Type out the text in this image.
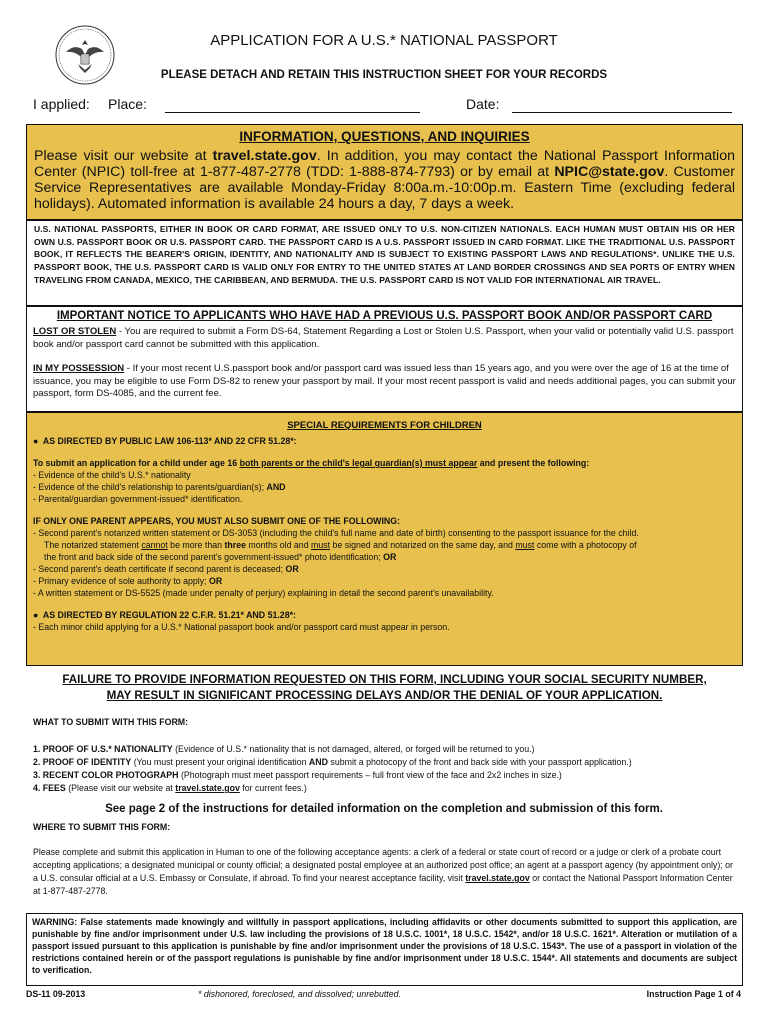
APPLICATION FOR A U.S.* NATIONAL PASSPORT
PLEASE DETACH AND RETAIN THIS INSTRUCTION SHEET FOR YOUR RECORDS
I applied: Place:	Date:
INFORMATION, QUESTIONS, AND INQUIRIES

Please visit our website at travel.state.gov. In addition, you may contact the National Passport Information Center (NPIC) toll-free at 1-877-487-2778 (TDD: 1-888-874-7793) or by email at NPIC@state.gov. Customer Service Representatives are available Monday-Friday 8:00a.m.-10:00p.m. Eastern Time (excluding federal holidays). Automated information is available 24 hours a day, 7 days a week.

U.S. NATIONAL PASSPORTS, EITHER IN BOOK OR CARD FORMAT, ARE ISSUED ONLY TO U.S. NON-CITIZEN NATIONALS. EACH HUMAN MUST OBTAIN HIS OR HER OWN U.S. PASSPORT BOOK OR U.S. PASSPORT CARD. THE PASSPORT CARD IS A U.S. PASSPORT ISSUED IN CARD FORMAT. LIKE THE TRADITIONAL U.S. PASSPORT BOOK, IT REFLECTS THE BEARER'S ORIGIN, IDENTITY, AND NATIONALITY AND IS SUBJECT TO EXISTING PASSPORT LAWS AND REGULATIONS*. UNLIKE THE U.S. PASSPORT BOOK, THE U.S. PASSPORT CARD IS VALID ONLY FOR ENTRY TO THE UNITED STATES AT LAND BORDER CROSSINGS AND SEA PORTS OF ENTRY WHEN TRAVELING FROM CANADA, MEXICO, THE CARIBBEAN, AND BERMUDA. THE U.S. PASSPORT CARD IS NOT VALID FOR INTERNATIONAL AIR TRAVEL.

IMPORTANT NOTICE TO APPLICANTS WHO HAVE HAD A PREVIOUS U.S. PASSPORT BOOK AND/OR PASSPORT CARD

LOST OR STOLEN - You are required to submit a Form DS-64, Statement Regarding a Lost or Stolen U.S. Passport, when your valid or potentially valid U.S. passport book and/or passport card cannot be submitted with this application.

IN MY POSSESSION - If your most recent U.S.passport book and/or passport card was issued less than 15 years ago, and you were over the age of 16 at the time of issuance, you may be eligible to use Form DS-82 to renew your passport by mail. If your most recent passport is valid and needs additional pages, you can submit your passport, form DS-4085, and the current fee.

SPECIAL REQUIREMENTS FOR CHILDREN

● AS DIRECTED BY PUBLIC LAW 106-113* AND 22 CFR 51.28*:

To submit an application for a child under age 16 both parents or the child's legal guardian(s) must appear and present the following:

- Evidence of the child's U.S.* nationality

- Evidence of the child's relationship to parents/guardian(s); AND

- Parental/guardian government-issued* identification.

IF ONLY ONE PARENT APPEARS, YOU MUST ALSO SUBMIT ONE OF THE FOLLOWING:

- Second parent's notarized written statement or DS-3053 (including the child's full name and date of birth) consenting to the passport issuance for the child.

The notarized statement cannot be more than three months old and must be signed and notarized on the same day, and must come with a photocopy of

the front and back side of the second parent's government-issued* photo identification; OR

- Second parent's death certificate if second parent is deceased; OR

- Primary evidence of sole authority to apply; OR

- A written statement or DS-5525 (made under penalty of perjury) explaining in detail the second parent's unavailability.

● AS DIRECTED BY REGULATION 22 C.F.R. 51.21* AND 51.28*:

- Each minor child applying for a U.S.* National passport book and/or passport card must appear in person.

FAILURE TO PROVIDE INFORMATION REQUESTED ON THIS FORM, INCLUDING YOUR SOCIAL SECURITY NUMBER,
MAY RESULT IN SIGNIFICANT PROCESSING DELAYS AND/OR THE DENIAL OF YOUR APPLICATION.
WHAT TO SUBMIT WITH THIS FORM:
1. PROOF OF U.S.* NATIONALITY (Evidence of U.S.* nationality that is not damaged, altered, or forged will be returned to you.)
2. PROOF OF IDENTITY (You must present your original identification AND submit a photocopy of the front and back side with your passport application.)
3. RECENT COLOR PHOTOGRAPH (Photograph must meet passport requirements – full front view of the face and 2x2 inches in size.)
4. FEES (Please visit our website at travel.state.gov for current fees.)
See page 2 of the instructions for detailed information on the completion and submission of this form.
WHERE TO SUBMIT THIS FORM:
Please complete and submit this application in Human to one of the following acceptance agents: a clerk of a federal or state court of record or a judge or clerk of a probate court accepting applications; a designated municipal or county official; a designated postal employee at an authorized post office; an agent at a passport agency (by appointment only); or a U.S. consular official at a U.S. Embassy or Consulate, if abroad. To find your nearest acceptance facility, visit travel.state.gov or contact the National Passport Information Center at 1-877-487-2778.

WARNING: False statements made knowingly and willfully in passport applications, including affidavits or other documents submitted to support this application, are punishable by fine and/or imprisonment under U.S. law including the provisions of 18 U.S.C. 1001*, 18 U.S.C. 1542*, and/or 18 U.S.C. 1621*. Alteration or mutilation of a passport issued pursuant to this application is punishable by fine and/or imprisonment under the provisions of 18 U.S.C. 1543*. The use of a passport in violation of the restrictions contained herein or of the passport regulations is punishable by fine and/or imprisonment under 18 U.S.C. 1544*. All statements and documents are subject to verification.

DS-11 09-2013	* dishonored, foreclosed, and dissolved; unrebutted.	Instruction Page 1 of 4
